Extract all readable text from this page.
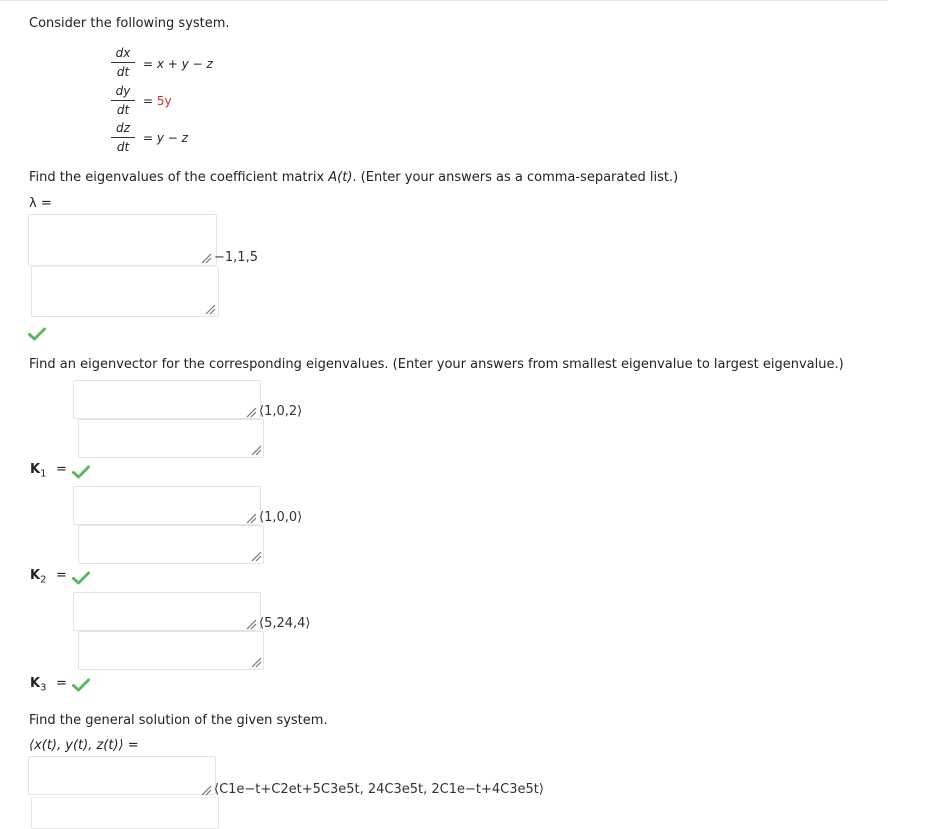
Consider the following system.
dx
dt
= x + y − z
dy
dt
= 5y
dz
dt
= y − z
Find the eigenvalues of the coefficient matrix A(t). (Enter your answers as a comma-separated list.)
λ =
−1,1,5
Find an eigenvector for the corresponding eigenvalues. (Enter your answers from smallest eigenvalue to largest eigenvalue.)
⟨1,0,2⟩
$K_1$ =
⟨1,0,0⟩
$K_2$ =
⟨5,24,4⟩
$K_3$ =
Find the general solution of the given system.
⟨x(t), y(t), z(t)⟩ =
⟨C1e−t+C2et+5C3e5t, 24C3e5t, 2C1e−t+4C3e5t⟩
